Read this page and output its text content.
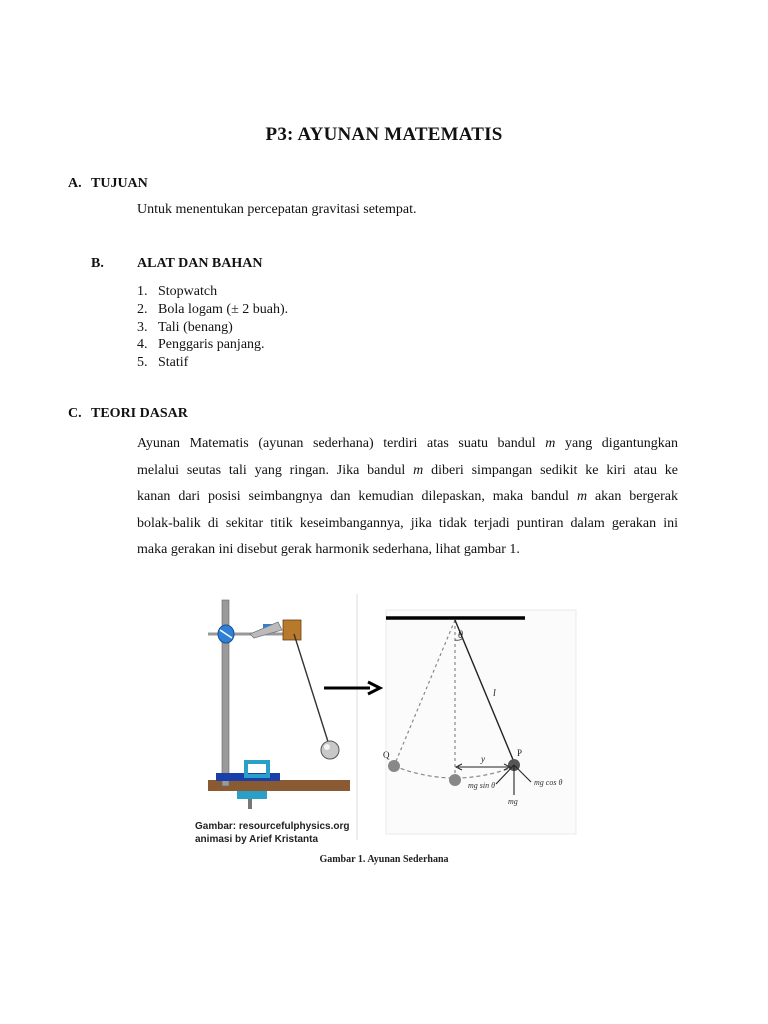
P3: AYUNAN MATEMATIS
A. TUJUAN
Untuk menentukan percepatan gravitasi setempat.
B. ALAT DAN BAHAN
1. Stopwatch
2. Bola logam (± 2 buah).
3. Tali (benang)
4. Penggaris panjang.
5. Statif
C. TEORI DASAR
Ayunan Matematis (ayunan sederhana) terdiri atas suatu bandul m yang digantungkan
melalui seutas tali yang ringan. Jika bandul m diberi simpangan sedikit ke kiri atau ke
kanan dari posisi seimbangnya dan kemudian dilepaskan, maka bandul m akan bergerak
bolak-balik di sekitar titik keseimbangannya, jika tidak terjadi puntiran dalam gerakan ini
maka gerakan ini disebut gerak harmonik sederhana, lihat gambar 1.
θ
l
Q	P
y
mg sin θ	mg cos θ
mg
Gambar: resourcefulphysics.org
animasi by Arief Kristanta
Gambar 1. Ayunan Sederhana
